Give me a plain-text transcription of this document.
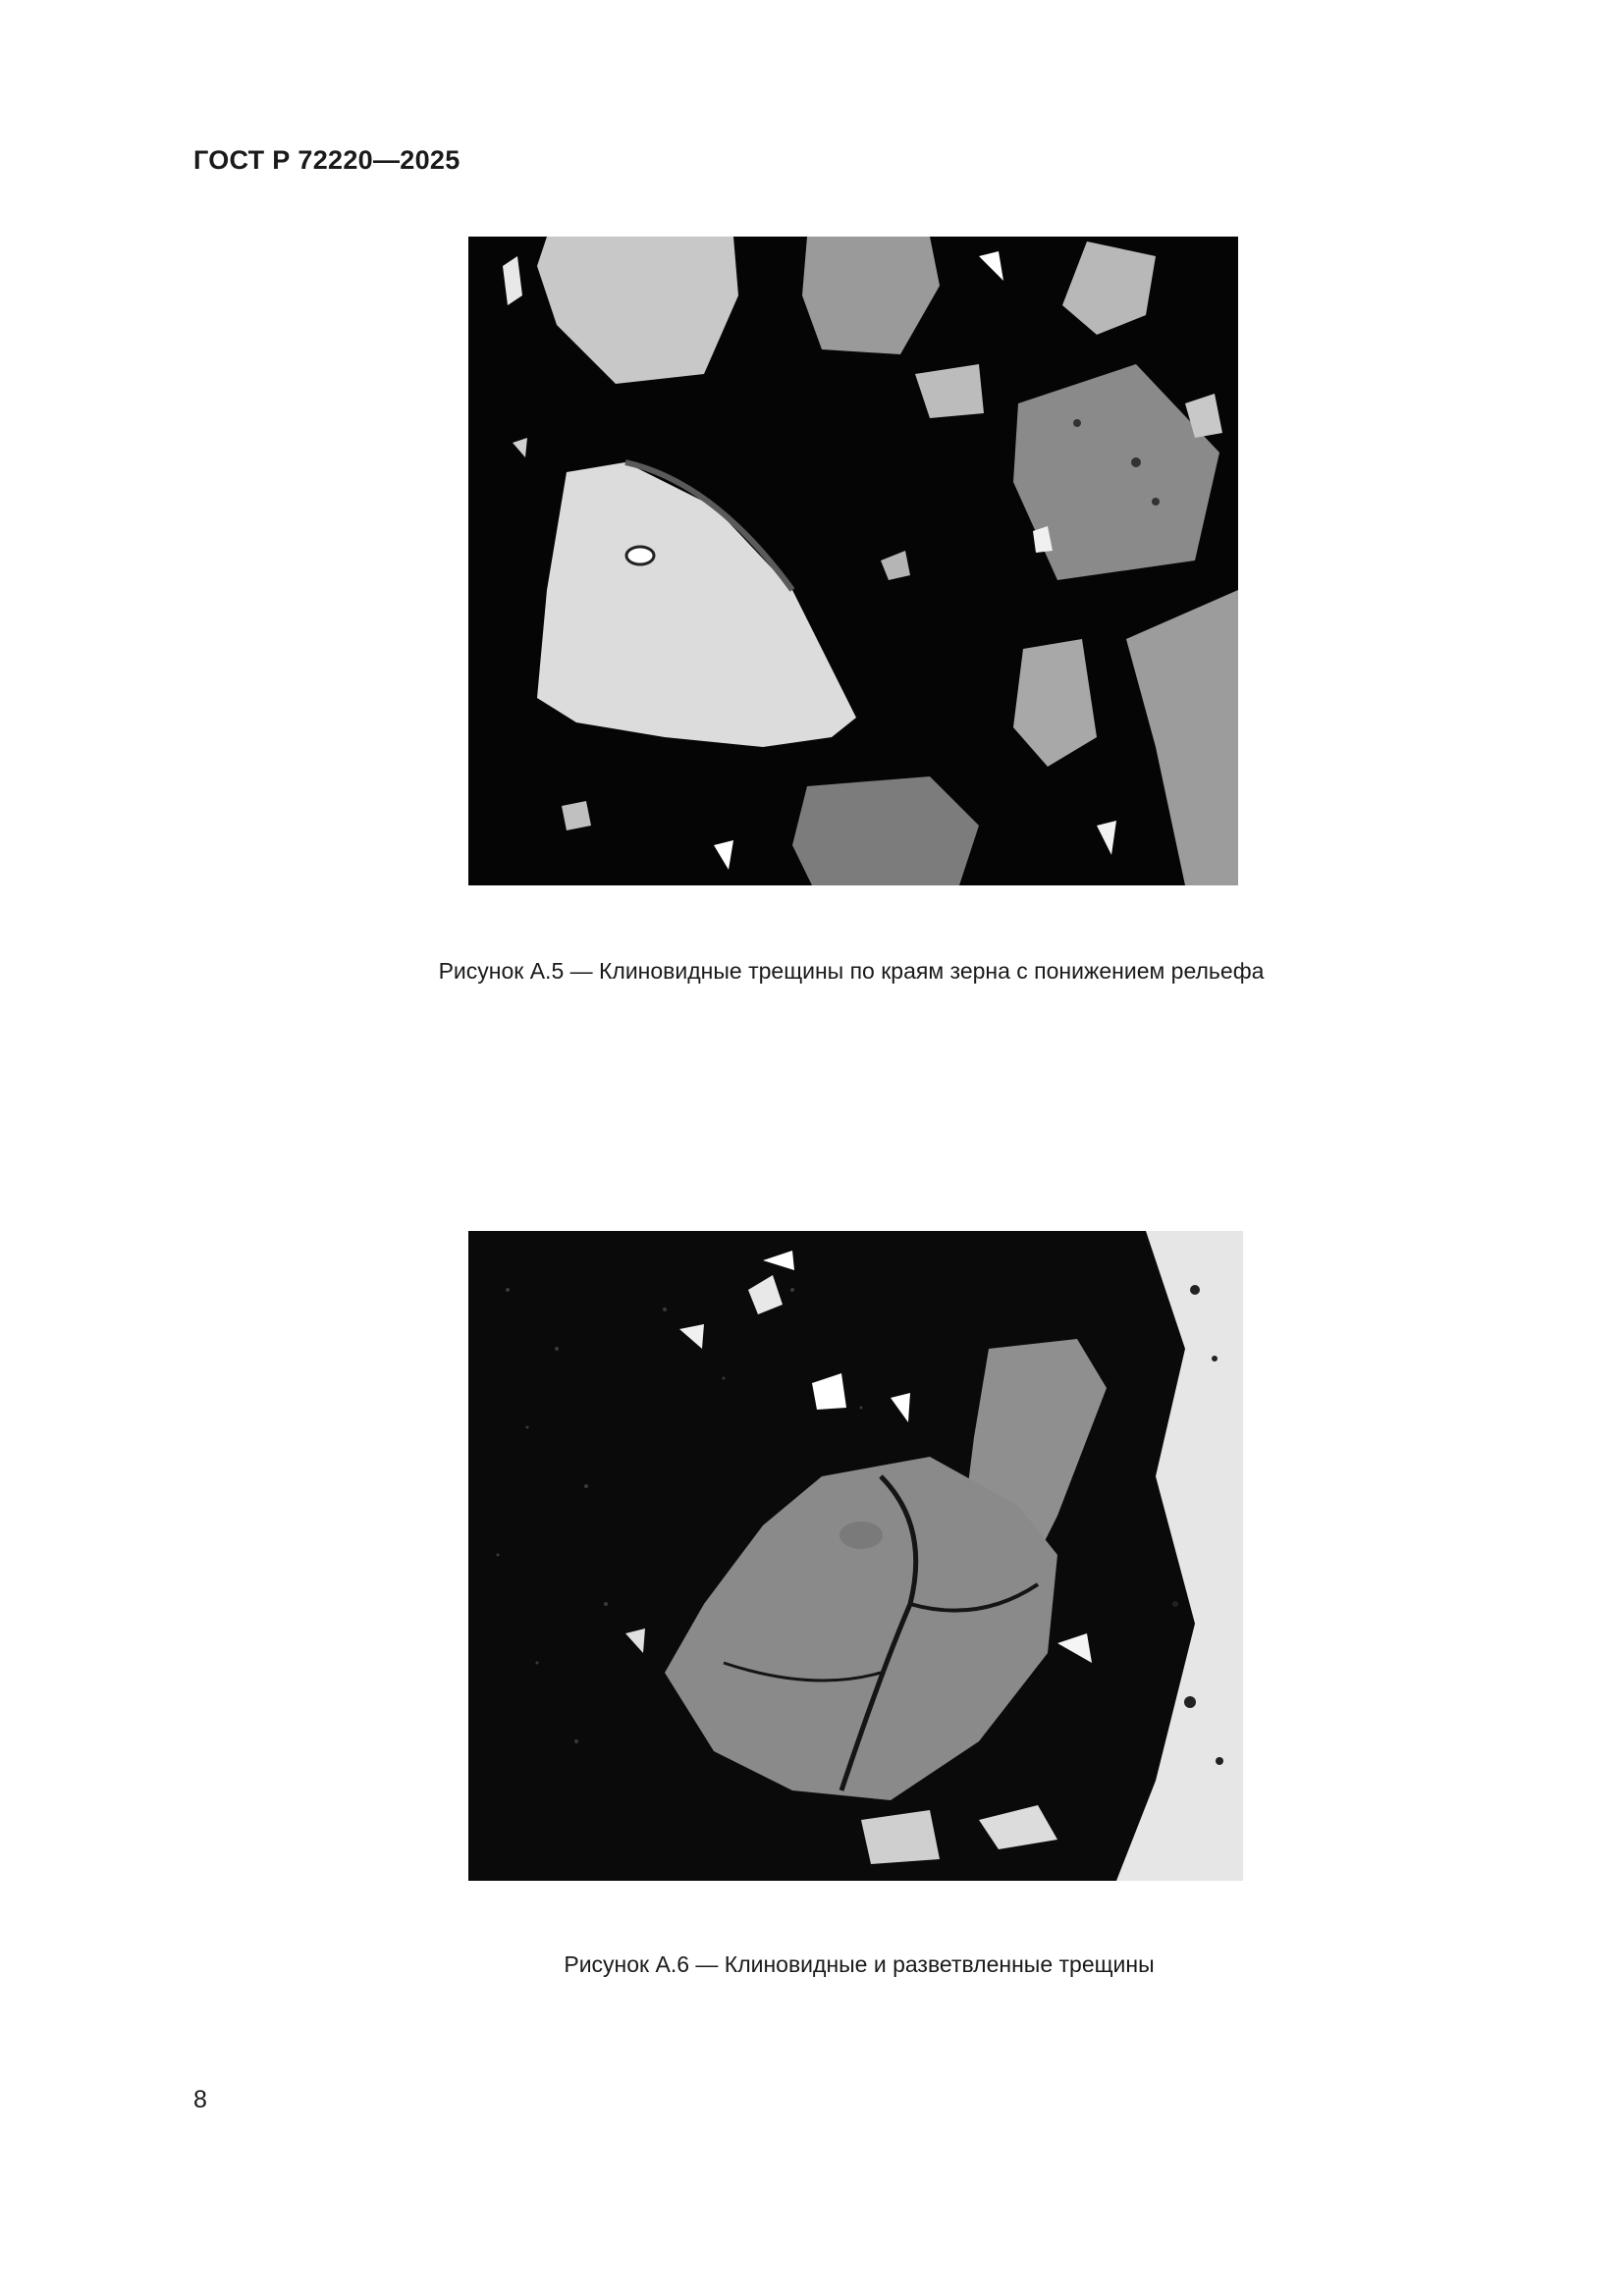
ГОСТ Р 72220—2025
Рисунок А.5 — Клиновидные трещины по краям зерна с понижением рельефа
Рисунок А.6 — Клиновидные и разветвленные трещины
8
